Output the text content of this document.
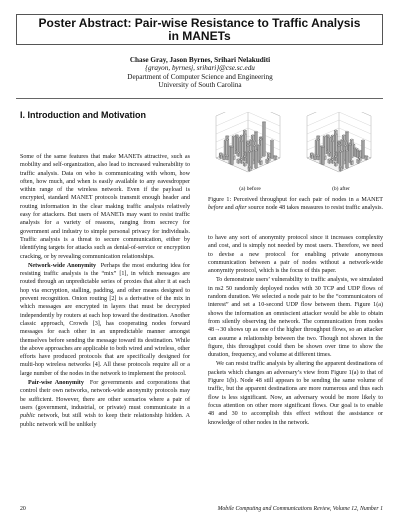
Poster Abstract: Pair-wise Resistance to Traffic Analysis
in MANETs
Chase Gray, Jason Byrnes, Srihari Nelakuditi
{grayon, byrnesj, srihari}@cse.sc.edu
Department of Computer Science and Engineering
University of South Carolina
I. Introduction and Motivation

Some of the same features that make MANETs attractive, such as mobility and self-organization, also lead to increased vulnerability to traffic analysis. Data on who is communicating with whom, how often, how much, and when is easily available to any eavesdropper within range of the wireless network. Even if the payload is encrypted, standard MANET protocols transmit enough header and routing information in the clear making traffic analysis relatively easy for attackers. But users of MANETs may want to resist traffic analysis for a variety of reasons, ranging from secrecy for government and industry to simple personal privacy for individuals. Traffic analysis is a threat to secure communication, either by identifying targets for attacks such as denial-of-service or encryption cracking, or by revealing communication relationships.

Network-wide Anonymity Perhaps the most enduring idea for resisting traffic analysis is the “mix” [1], in which messages are routed through an unpredictable series of proxies that alter it at each hop via encryption, stalling, padding, and other means designed to prevent recognition. Onion routing [2] is a derivative of the mix in which messages are encrypted in layers that must be decrypted independently by routers at each hop toward the destination. Another classic approach, Crowds [3], has cooperating nodes forward messages for each other in an unpredictable manner amongst themselves before sending the message toward its destination. While the above approaches are applicable to both wired and wireless, other efforts have produced protocols that are specifically designed for multi-hop wireless networks [4]. All these protocols require all or a large number of the nodes in the network to implement the protocol.

Pair-wise Anonymity For governments and corporations that control their own networks, network-wide anonymity protocols may be sufficient. However, there are other scenarios where a pair of users (government, industrial, or private) must communicate in a public network, but still wish to keep their relationship hidden. A public network will be unlikely

(a) before	(b) after
Figure 1: Perceived throughput for each pair of nodes in a MANET before and after source node 48 takes measures to resist traffic analysis.

to have any sort of anonymity protocol since it increases complexity and cost, and is simply not needed by most users. Therefore, we need to devise a new protocol for enabling private anonymous communication between a pair of nodes without a network-wide anonymity protocol, which is the focus of this paper.

To demonstrate users’ vulnerability to traffic analysis, we simulated in ns2 50 randomly deployed nodes with 30 TCP and UDP flows of random duration. We selected a node pair to be the “communicators of interest” and set a 10-second UDP flow between them. Figure 1(a) shows the information an omniscient attacker would be able to obtain from silently observing the network. The communication from nodes 48→30 shows up as one of the higher throughput flows, so an attacker can assume a relationship between the two. Though not shown in the figure, this throughput could then be shown over time to show the duration, frequency, and volume at different times.

We can resist traffic analysis by altering the apparent destinations of packets which changes an adversary’s view from Figure 1(a) to that of Figure 1(b). Node 48 still appears to be sending the same volume of traffic, but the apparent destinations are more numerous and thus each flow is less significant. Now, an adversary would be more likely to focus attention on other more significant flows. Our goal is to enable 48 and 30 to accomplish this effect without the assistance or knowledge of other nodes in the network.

20	Mobile Computing and Communications Review, Volume 12, Number 1
